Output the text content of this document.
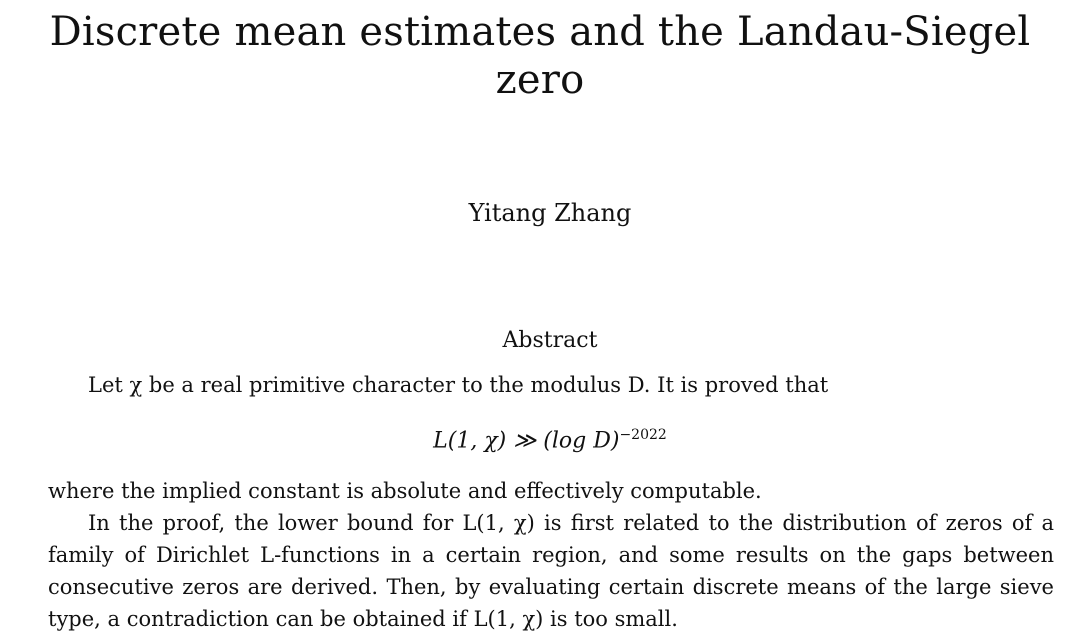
Discrete mean estimates and the Landau-Siegel zero
Yitang Zhang
Abstract
Let χ be a real primitive character to the modulus D. It is proved that
L(1, χ) ≫ (log D)$^{-2022}$
where the implied constant is absolute and effectively computable.
In the proof, the lower bound for L(1, χ) is first related to the distribution of zeros of a family of Dirichlet L-functions in a certain region, and some results on the gaps between consecutive zeros are derived. Then, by evaluating certain discrete means of the large sieve type, a contradiction can be obtained if L(1, χ) is too small.
